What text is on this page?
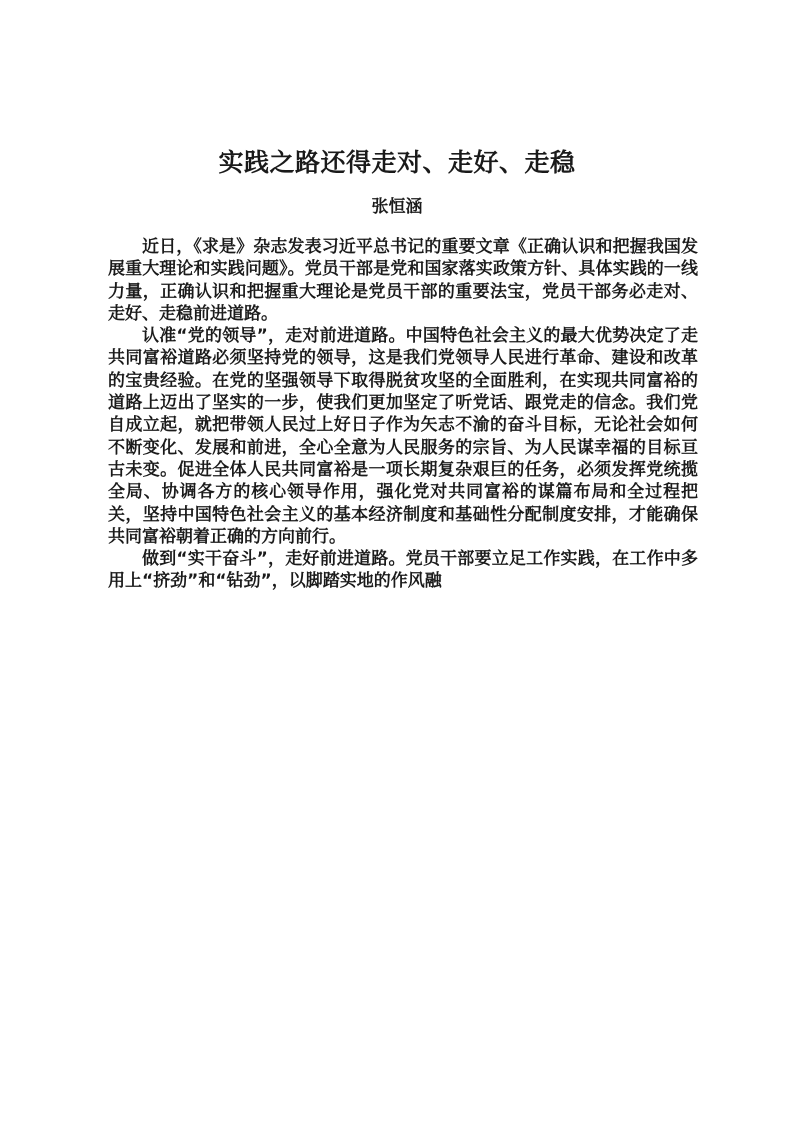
实践之路还得走对、走好、走稳

张恒涵

近日，《求是》杂志发表习近平总书记的重要文章《正确认识和把握我国发展重大理论和实践问题》。党员干部是党和国家落实政策方针、具体实践的一线力量，正确认识和把握重大理论是党员干部的重要法宝，党员干部务必走对、走好、走稳前进道路。

认准“党的领导”，走对前进道路。中国特色社会主义的最大优势决定了走共同富裕道路必须坚持党的领导，这是我们党领导人民进行革命、建设和改革的宝贵经验。在党的坚强领导下取得脱贫攻坚的全面胜利，在实现共同富裕的道路上迈出了坚实的一步，使我们更加坚定了听党话、跟党走的信念。我们党自成立起，就把带领人民过上好日子作为矢志不渝的奋斗目标，无论社会如何不断变化、发展和前进，全心全意为人民服务的宗旨、为人民谋幸福的目标亘古未变。促进全体人民共同富裕是一项长期复杂艰巨的任务，必须发挥党统揽全局、协调各方的核心领导作用，强化党对共同富裕的谋篇布局和全过程把关，坚持中国特色社会主义的基本经济制度和基础性分配制度安排，才能确保共同富裕朝着正确的方向前行。

做到“实干奋斗”，走好前进道路。党员干部要立足工作实践，在工作中多用上“挤劲”和“钻劲”，以脚踏实地的作风融
